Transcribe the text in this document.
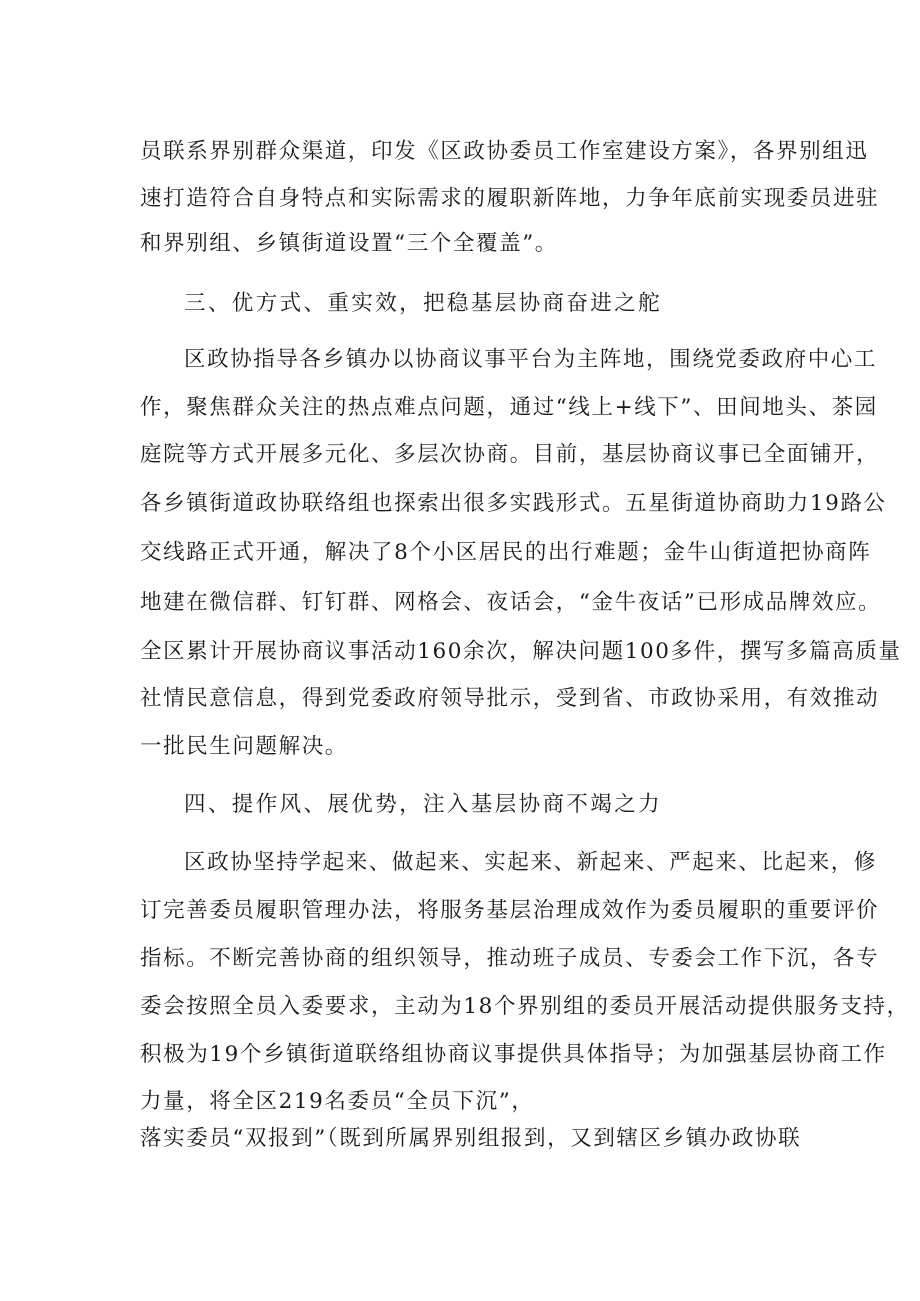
员联系界别群众渠道，印发《区政协委员工作室建设方案》，各界别组迅
速打造符合自身特点和实际需求的履职新阵地，力争年底前实现委员进驻
和界别组、乡镇街道设置“三个全覆盖”。
三、优方式、重实效，把稳基层协商奋进之舵
区政协指导各乡镇办以协商议事平台为主阵地，围绕党委政府中心工
作，聚焦群众关注的热点难点问题，通过“线上+线下”、田间地头、茶园
庭院等方式开展多元化、多层次协商。目前，基层协商议事已全面铺开，
各乡镇街道政协联络组也探索出很多实践形式。五星街道协商助力19路公
交线路正式开通，解决了8个小区居民的出行难题；金牛山街道把协商阵
地建在微信群、钉钉群、网格会、夜话会，“金牛夜话”已形成品牌效应。
全区累计开展协商议事活动160余次，解决问题100多件，撰写多篇高质量
社情民意信息，得到党委政府领导批示，受到省、市政协采用，有效推动
一批民生问题解决。
四、提作风、展优势，注入基层协商不竭之力
区政协坚持学起来、做起来、实起来、新起来、严起来、比起来，修
订完善委员履职管理办法，将服务基层治理成效作为委员履职的重要评价
指标。不断完善协商的组织领导，推动班子成员、专委会工作下沉，各专
委会按照全员入委要求，主动为18个界别组的委员开展活动提供服务支持，
积极为19个乡镇街道联络组协商议事提供具体指导；为加强基层协商工作
力量，将全区219名委员“全员下沉”，
落实委员“双报到”（既到所属界别组报到，又到辖区乡镇办政协联
